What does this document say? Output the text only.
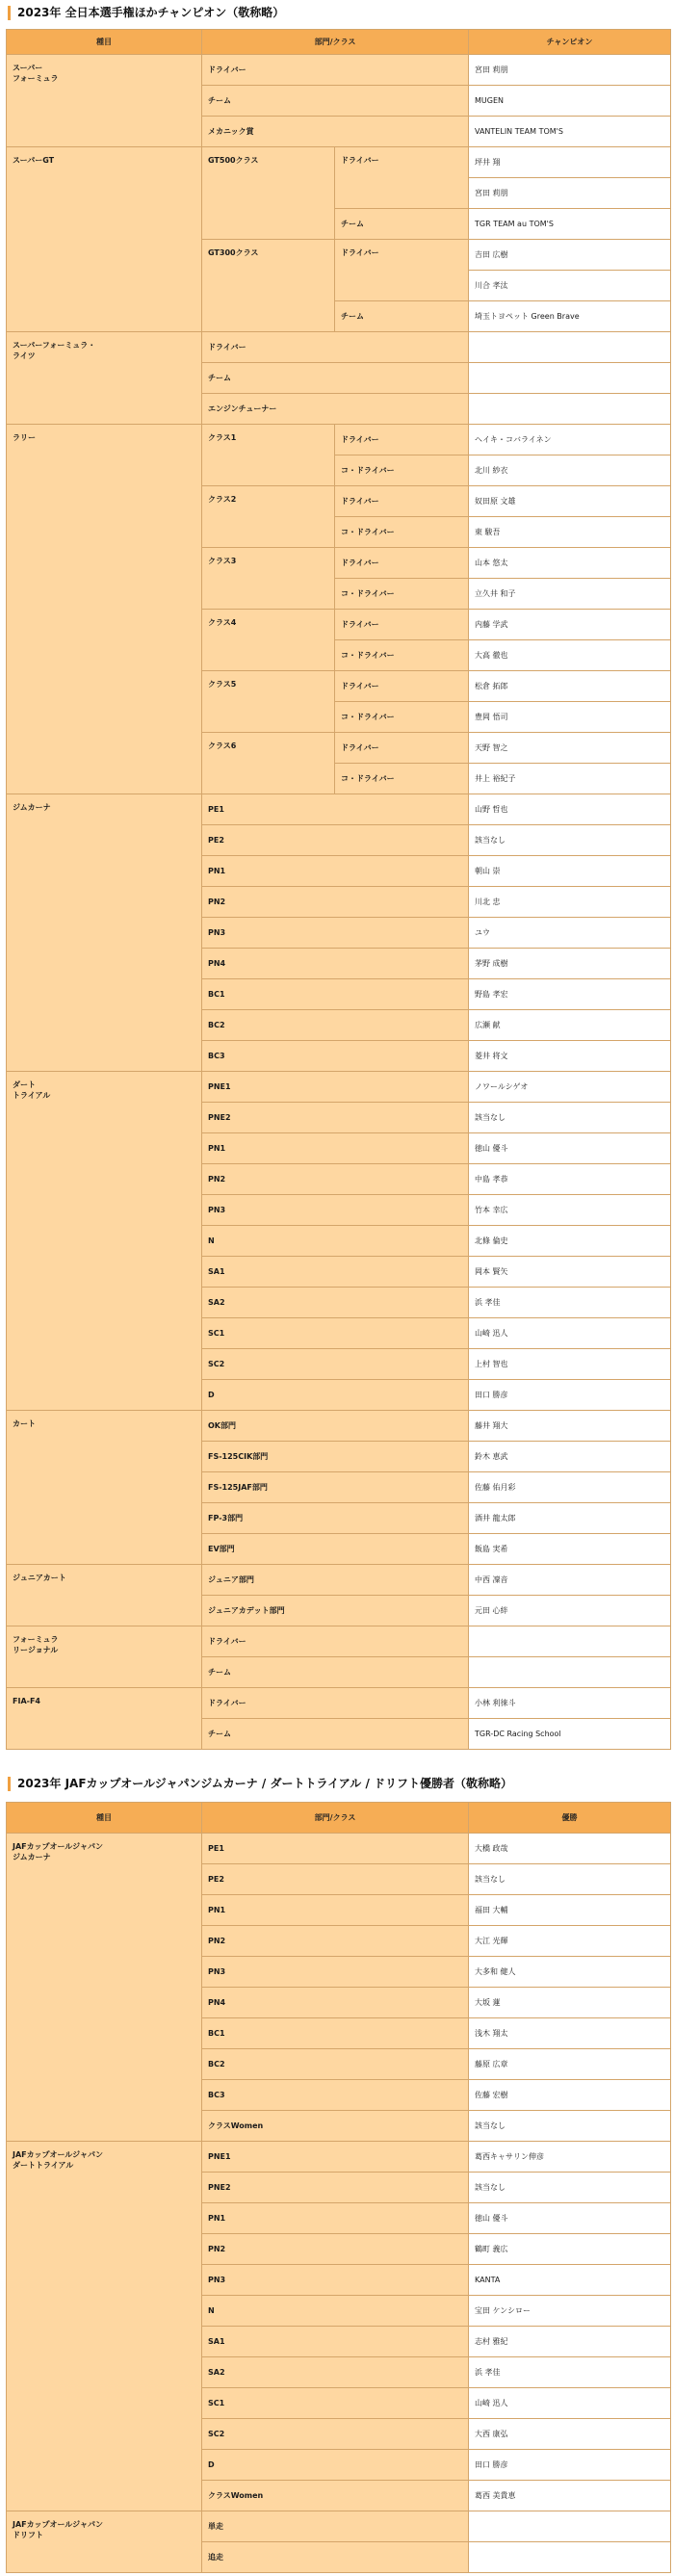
2023年 全日本選手権ほかチャンピオン（敬称略）
種目	部門/クラス		チャンピオン
スーパー
フォーミュラ	ドライバー		宮田 莉朋
	チーム		MUGEN
	メカニック賞		VANTELIN TEAM TOM'S
スーパーGT	GT500クラス	ドライバー	坪井 翔
			宮田 莉朋
		チーム	TGR TEAM au TOM'S
	GT300クラス	ドライバー	吉田 広樹
			川合 孝汰
		チーム	埼玉トヨペット Green Brave
スーパーフォーミュラ・
ライツ	ドライバー		
	チーム		
	エンジンチューナー		
ラリー	クラス1	ドライバー	ヘイキ・コバライネン
		コ・ドライバー	北川 紗衣
	クラス2	ドライバー	奴田原 文雄
		コ・ドライバー	東 駿吾
	クラス3	ドライバー	山本 悠太
		コ・ドライバー	立久井 和子
	クラス4	ドライバー	内藤 学武
		コ・ドライバー	大高 徹也
	クラス5	ドライバー	松倉 拓郎
		コ・ドライバー	豊岡 悟司
	クラス6	ドライバー	天野 智之
		コ・ドライバー	井上 裕紀子
ジムカーナ	PE1		山野 哲也
	PE2		該当なし
	PN1		朝山 崇
	PN2		川北 忠
	PN3		ユウ
	PN4		茅野 成樹
	BC1		野島 孝宏
	BC2		広瀬 献
	BC3		菱井 将文
ダート
トライアル	PNE1		ノワールシゲオ
	PNE2		該当なし
	PN1		徳山 優斗
	PN2		中島 孝恭
	PN3		竹本 幸広
	N		北條 倫史
	SA1		岡本 賢矢
	SA2		浜 孝佳
	SC1		山崎 迅人
	SC2		上村 智也
	D		田口 勝彦
カート	OK部門		藤井 翔大
	FS-125CIK部門		鈴木 恵武
	FS-125JAF部門		佐藤 佑月彩
	FP-3部門		酒井 龍太郎
	EV部門		飯島 実希
ジュニアカート	ジュニア部門		中西 凜音
	ジュニアカデット部門		元田 心絆
フォーミュラ
リージョナル	ドライバー		
	チーム		
FIA-F4	ドライバー		小林 利徠斗
	チーム		TGR-DC Racing School
2023年 JAFカップオールジャパンジムカーナ / ダートトライアル / ドリフト優勝者（敬称略）
種目	部門/クラス	優勝
JAFカップオールジャパン
ジムカーナ	PE1	大橋 政哉
	PE2	該当なし
	PN1	福田 大輔
	PN2	大江 光輝
	PN3	大多和 健人
	PN4	大坂 蓮
	BC1	浅木 翔太
	BC2	藤原 広章
	BC3	佐藤 宏樹
	クラスWomen	該当なし
JAFカップオールジャパン
ダートトライアル	PNE1	葛西キャサリン伸彦
	PNE2	該当なし
	PN1	徳山 優斗
	PN2	鶴町 義広
	PN3	KANTA
	N	宝田 ケンシロー
	SA1	志村 雅紀
	SA2	浜 孝佳
	SC1	山崎 迅人
	SC2	大西 康弘
	D	田口 勝彦
	クラスWomen	葛西 美貴恵
JAFカップオールジャパン
ドリフト	単走	
	追走	
